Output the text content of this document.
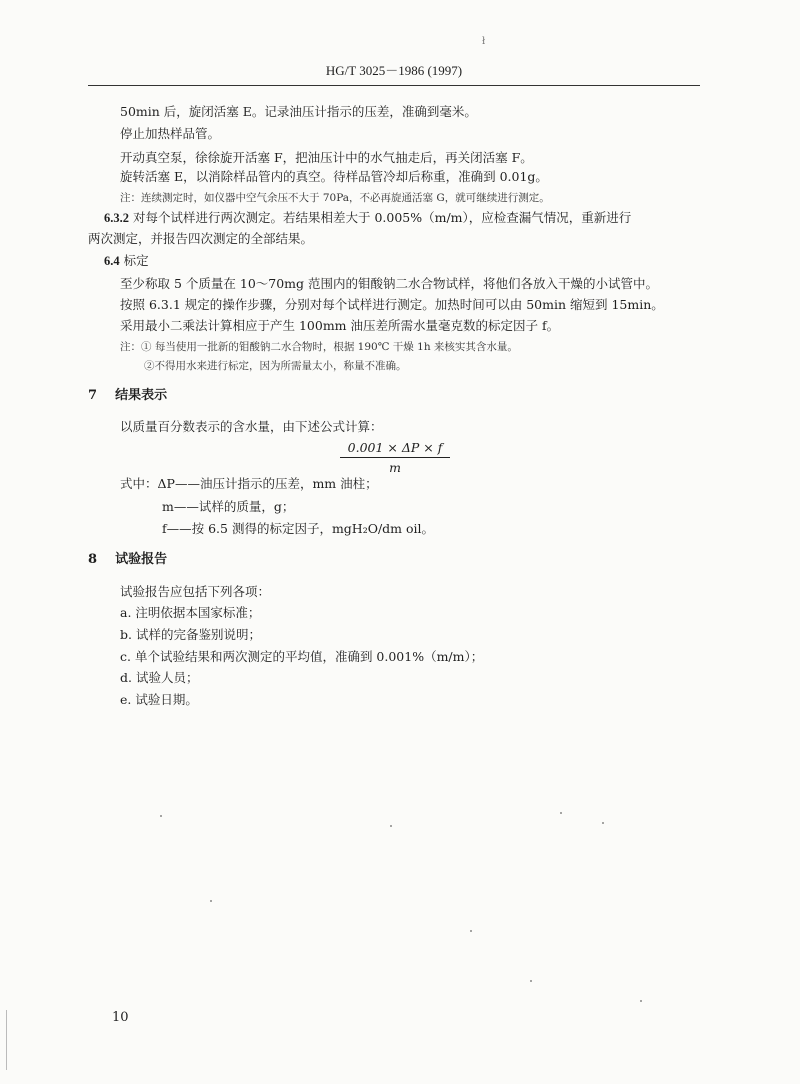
ł
HG/T 3025－1986 (1997)
50min 后，旋闭活塞 E。记录油压计指示的压差，准确到毫米。
停止加热样品管。
开动真空泵，徐徐旋开活塞 F，把油压计中的水气抽走后，再关闭活塞 F。
旋转活塞 E，以消除样品管内的真空。待样品管冷却后称重，准确到 0.01g。
注：连续测定时，如仪器中空气余压不大于 70Pa，不必再旋通活塞 G，就可继续进行测定。
6.3.2 对每个试样进行两次测定。若结果相差大于 0.005%（m/m），应检查漏气情况，重新进行
两次测定，并报告四次测定的全部结果。
6.4 标定
至少称取 5 个质量在 10～70mg 范围内的钼酸钠二水合物试样，将他们各放入干燥的小试管中。
按照 6.3.1 规定的操作步骤，分别对每个试样进行测定。加热时间可以由 50min 缩短到 15min。
采用最小二乘法计算相应于产生 100mm 油压差所需水量毫克数的标定因子 f。
注：① 每当使用一批新的钼酸钠二水合物时，根据 190℃ 干燥 1h 来核实其含水量。
②不得用水来进行标定，因为所需量太小，称量不准确。
7 结果表示
以质量百分数表示的含水量，由下述公式计算：
$\frac{0.001 \times \Delta P \times f}{m}$
式中：ΔP——油压计指示的压差，mm 油柱；
m——试样的质量，g；
f——按 6.5 测得的标定因子，mgH₂O/dm oil。
8 试验报告
试验报告应包括下列各项：
a. 注明依据本国家标准；
b. 试样的完备鉴别说明；
c. 单个试验结果和两次测定的平均值，准确到 0.001%（m/m）；
d. 试验人员；
e. 试验日期。
10
